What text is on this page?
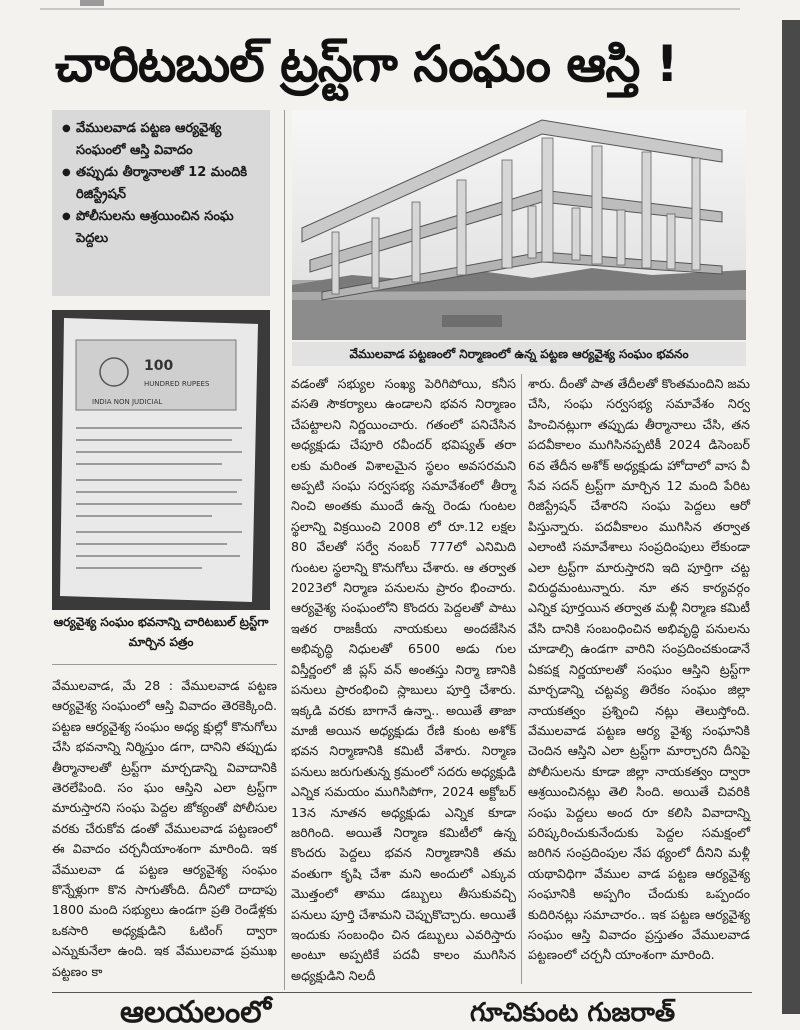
చారిటబుల్ ట్రస్ట్‌గా సంఘం ఆస్తి !
● వేములవాడ పట్టణ ఆర్యవైశ్య సంఘంలో ఆస్తి వివాదం
● తప్పుడు తీర్మానాలతో 12 మందికి రిజిస్ట్రేషన్
● పోలీసులను ఆశ్రయించిన సంఘ పెద్దలు
వేములవాడ పట్టణంలో నిర్మాణంలో ఉన్న పట్టణ ఆర్యవైశ్య సంఘం భవనం
100
HUNDRED RUPEES
INDIA NON JUDICIAL
ఆర్యవైశ్య సంఘం భవనాన్ని చారిటబుల్ ట్రస్ట్‌గా మార్చిన పత్రం
వేములవాడ, మే 28 : వేములవాడ పట్టణ ఆర్యవైశ్య సంఘంలో ఆస్తి వివాదం తెరకెక్కింది. పట్టణ ఆర్యవైశ్య సంఘం అధ్య క్షుల్లో కొనుగోలు చేసి భవనాన్ని నిర్మిస్తుం డగా, దానిని తప్పుడు తీర్మానాలతో ట్రస్ట్‌గా మార్చడాన్ని వివాదానికి తెరలేపింది. సం ఘం ఆస్తిని ఎలా ట్రస్ట్‌గా మారుస్తారని సంఘ పెద్దల జోక్యంతో పోలీసుల వరకు చేరుకోవ డంతో వేములవాడ పట్టణంలో ఈ వివాదం చర్చనీయాంశంగా మారింది. ఇక వేములవా డ పట్టణ ఆర్యవైశ్య సంఘం కొన్నేళ్లుగా కొన సాగుతోంది. దీనిలో దాదాపు 1800 మంది సభ్యులు ఉండగా ప్రతి రెండేళ్లకు ఒకసారి అధ్యక్షుడిని ఓటింగ్ ద్వారా ఎన్నుకునేలా ఉంది. ఇక వేములవాడ ప్రముఖ పట్టణం కా
వడంతో సభ్యుల సంఖ్య పెరిగిపోయి, కనీస వసతి సౌకర్యాలు ఉండాలని భవన నిర్మాణం చేపట్టాలని నిర్ణయించారు. గతంలో పనిచేసిన అధ్యక్షుడు చేపూరి రవీందర్ భవిష్యత్ తరా లకు మరింత విశాలమైన స్థలం అవసరమని అప్పటి సంఘ సర్వసభ్య సమావేశంలో తీర్మా నించి అంతకు ముందే ఉన్న రెండు గుంటల స్థలాన్ని విక్రయించి 2008 లో రూ.12 లక్షల 80 వేలతో సర్వే నంబర్ 777లో ఎనిమిది గుంటల స్థలాన్ని కొనుగోలు చేశారు. ఆ తర్వాత 2023లో నిర్మాణ పనులను ప్రారం భించారు. ఆర్యవైశ్య సంఘంలోని కొందరు పెద్దలతో పాటు ఇతర రాజకీయ నాయకులు అందజేసిన అభివృద్ధి నిధులతో 6500 అడు గుల విస్తీర్ణంలో జీ ప్లస్ వన్ అంతస్తు నిర్మా ణానికి పనులు ప్రారంభించి స్లాబులు పూర్తి చేశారు. ఇక్కడి వరకు బాగానే ఉన్నా.. అయితే తాజా మాజీ అయిన అధ్యక్షుడు రేణి కుంట అశోక్ భవన నిర్మాణానికి కమిటీ వేశారు. నిర్మాణ పనులు జరుగుతున్న క్రమంలో సదరు అధ్యక్షుడి ఎన్నిక సమయం ముగిసిపోగా, 2024 అక్టోబర్ 13న నూతన అధ్యక్షుడు ఎన్నిక కూడా జరిగింది. అయితే నిర్మాణ కమిటీలో ఉన్న కొందరు పెద్దలు భవన నిర్మాణానికి తమ వంతుగా కృషి చేశా మని అందులో ఎక్కువ మొత్తంలో తాము డబ్బులు తీసుకువచ్చి పనులు పూర్తి చేశామని చెప్పుకొచ్చారు. అయితే ఇందుకు సంబంధిం చిన డబ్బులు ఎవరిస్తారు అంటూ అప్పటికే పదవీ కాలం ముగిసిన అధ్యక్షుడిని నిలదీ
శారు. దీంతో పాత తేదీలతో కొంతమందిని జమ చేసి, సంఘ సర్వసభ్య సమావేశం నిర్వ హించినట్లుగా తప్పుడు తీర్మానాలు చేసి, తన పదవీకాలం ముగిసినప్పటికీ 2024 డిసెంబర్ 6వ తేదీన అశోక్ అధ్యక్షుడు హోదాలో వాస వీ సేవ సదన్ ట్రస్ట్‌గా మార్చిన 12 మంది పేరిట రిజిస్ట్రేషన్ చేశారని సంఘ పెద్దలు ఆరో పిస్తున్నారు. పదవీకాలం ముగిసిన తర్వాత ఎలాంటి సమావేశాలు సంప్రదింపులు లేకుండా ఎలా ట్రస్ట్‌గా మారుస్తారని ఇది పూర్తిగా చట్ట విరుద్ధమంటున్నారు. నూ తన కార్యవర్గం ఎన్నిక పూర్తయిన తర్వాత మళ్లీ నిర్మాణ కమిటీ వేసి దానికి సంబంధించిన అభివృద్ధి పనులను చూడాల్సి ఉండగా వారిని సంప్రదించకుండానే ఏకపక్ష నిర్ణయాలతో సంఘం ఆస్తిని ట్రస్ట్‌గా మార్చడాన్ని చట్టవ్య తిరేకం సంఘం జిల్లా నాయకత్వం ప్రశ్నించి నట్లు తెలుస్తోంది. వేములవాడ పట్టణ ఆర్య వైశ్య సంఘానికి చెందిన ఆస్తిని ఎలా ట్రస్ట్‌గా మార్చారని దీనిపై పోలీసులను కూడా జిల్లా నాయకత్వం ద్వారా ఆశ్రయించినట్లు తెలి సింది. అయితే చివరికి సంఘ పెద్దలు అంద రూ కలిసి వివాదాన్ని పరిష్కరించుకునేందుకు పెద్దల సమక్షంలో జరిగిన సంప్రదింపుల నేప థ్యంలో దీనిని మళ్లీ యథావిధిగా వేముల వాడ పట్టణ ఆర్యవైశ్య సంఘానికి అప్పగిం చేందుకు ఒప్పందం కుదిరినట్లు సమాచారం.. ఇక పట్టణ ఆర్యవైశ్య సంఘం ఆస్తి వివాదం ప్రస్తుతం వేములవాడ పట్టణంలో చర్చనీ యాంశంగా మారింది.
ఆలయలంలో	గూచికుంట గుజరాత్
